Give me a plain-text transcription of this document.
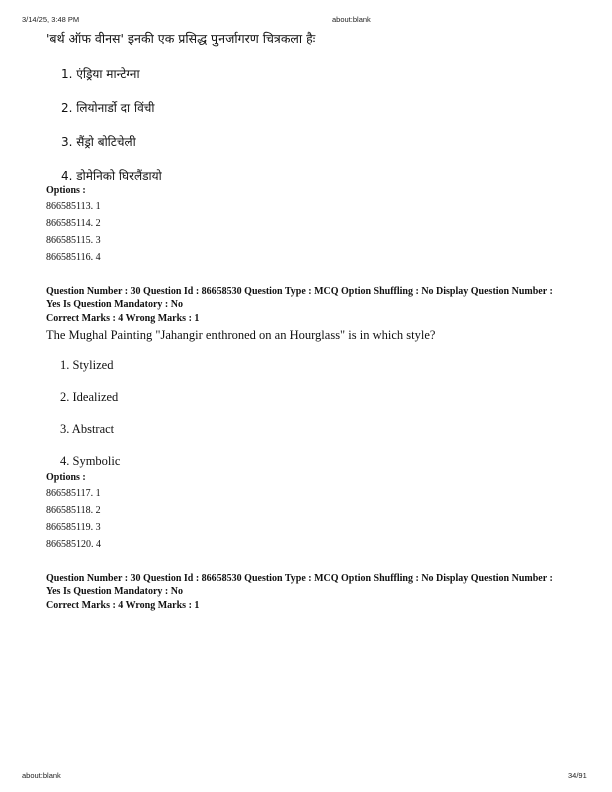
3/14/25, 3:48 PM	about:blank
'बर्थ ऑफ वीनस' इनकी एक प्रसिद्ध पुनर्जागरण चित्रकला हैः
1. एंड्रिया मान्टेग्ना
2. लियोनार्डो दा विंची
3. सैंड्रो बोटिचेली
4. डोमेनिको घिरलैंडायो
Options :
866585113. 1
866585114. 2
866585115. 3
866585116. 4
Question Number : 30 Question Id : 86658530 Question Type : MCQ Option Shuffling : No Display Question Number : Yes Is Question Mandatory : No
Correct Marks : 4 Wrong Marks : 1
The Mughal Painting "Jahangir enthroned on an Hourglass" is in which style?
1. Stylized
2. Idealized
3. Abstract
4. Symbolic
Options :
866585117. 1
866585118. 2
866585119. 3
866585120. 4
Question Number : 30 Question Id : 86658530 Question Type : MCQ Option Shuffling : No Display Question Number : Yes Is Question Mandatory : No
Correct Marks : 4 Wrong Marks : 1
about:blank	34/91
